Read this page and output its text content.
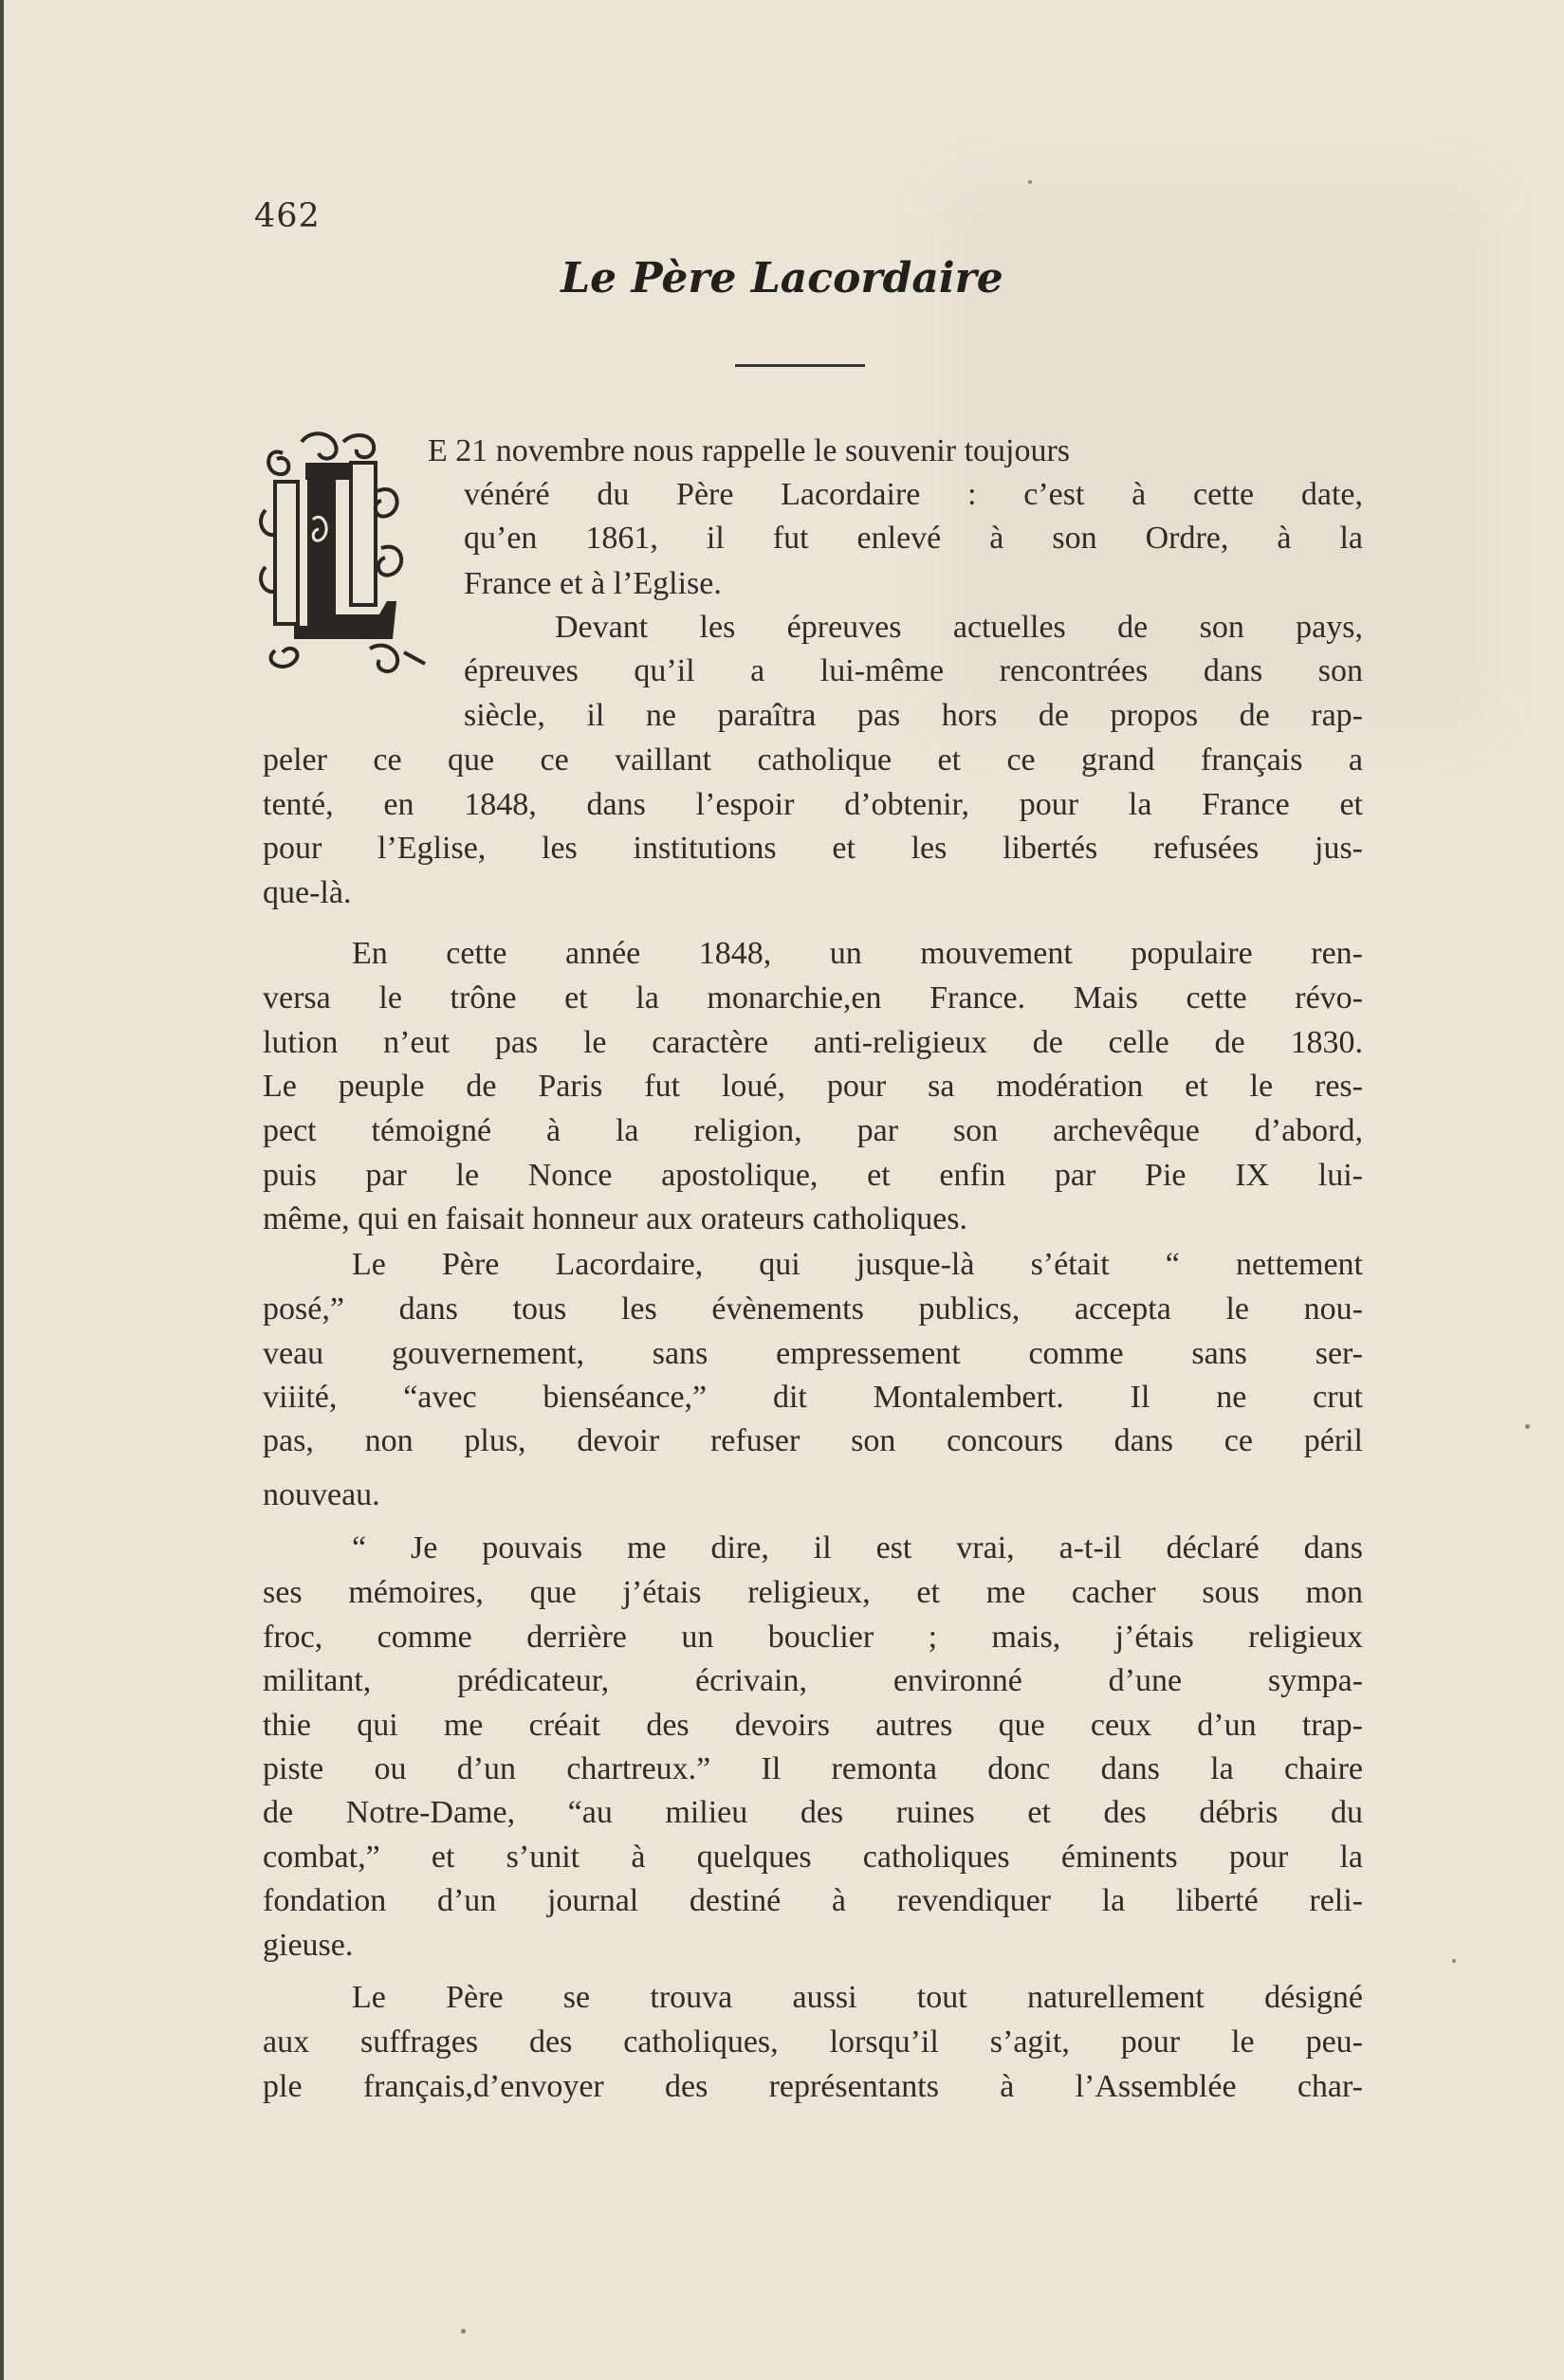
462
Le Père Lacordaire
E 21 novembre nous rappelle le souvenir toujours
vénéré du Père Lacordaire : c’est à cette date,
qu’en 1861, il fut enlevé à son Ordre, à la
France et à l’Eglise.
Devant les épreuves actuelles de son pays,
épreuves qu’il a lui-même rencontrées dans son
siècle, il ne paraîtra pas hors de propos de rap-
peler ce que ce vaillant catholique et ce grand français a
tenté, en 1848, dans l’espoir d’obtenir, pour la France et
pour l’Eglise, les institutions et les libertés refusées jus-
que-là.
En cette année 1848, un mouvement populaire ren-
versa le trône et la monarchie,en France. Mais cette révo-
lution n’eut pas le caractère anti-religieux de celle de 1830.
Le peuple de Paris fut loué, pour sa modération et le res-
pect témoigné à la religion, par son archevêque d’abord,
puis par le Nonce apostolique, et enfin par Pie IX lui-
même, qui en faisait honneur aux orateurs catholiques.
Le Père Lacordaire, qui jusque-là s’était “ nettement
posé,” dans tous les évènements publics, accepta le nou-
veau gouvernement, sans empressement comme sans ser-
viiité, “avec bienséance,” dit Montalembert. Il ne crut
pas, non plus, devoir refuser son concours dans ce péril
nouveau.
“ Je pouvais me dire, il est vrai, a-t-il déclaré dans
ses mémoires, que j’étais religieux, et me cacher sous mon
froc, comme derrière un bouclier ; mais, j’étais religieux
militant, prédicateur, écrivain, environné d’une sympa-
thie qui me créait des devoirs autres que ceux d’un trap-
piste ou d’un chartreux.” Il remonta donc dans la chaire
de Notre-Dame, “au milieu des ruines et des débris du
combat,” et s’unit à quelques catholiques éminents pour la
fondation d’un journal destiné à revendiquer la liberté reli-
gieuse.
Le Père se trouva aussi tout naturellement désigné
aux suffrages des catholiques, lorsqu’il s’agit, pour le peu-
ple français,d’envoyer des représentants à l’Assemblée char-
